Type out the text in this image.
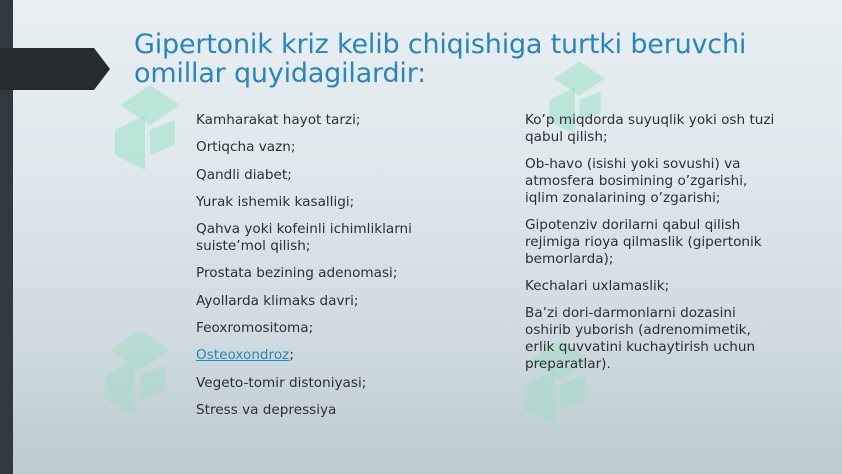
Gipertonik kriz kelib chiqishiga turtki beruvchi omillar quyidagilardir:
Kamharakat hayot tarzi;
Ortiqcha vazn;
Qandli diabet;
Yurak ishemik kasalligi;
Qahva yoki kofeinli ichimliklarni suiste’mol qilish;
Prostata bezining adenomasi;
Ayollarda klimaks davri;
Feoxromositoma;
Osteoxondroz;
Vegeto-tomir distoniyasi;
Stress va depressiya
Ko’p miqdorda suyuqlik yoki osh tuzi qabul qilish;
Ob-havo (isishi yoki sovushi) va atmosfera bosimining o’zgarishi, iqlim zonalarining o’zgarishi;
Gipotenziv dorilarni qabul qilish rejimiga rioya qilmaslik (gipertonik bemorlarda);
Kechalari uxlamaslik;
Ba’zi dori-darmonlarni dozasini oshirib yuborish (adrenomimetik, erlik quvvatini kuchaytirish uchun preparatlar).
